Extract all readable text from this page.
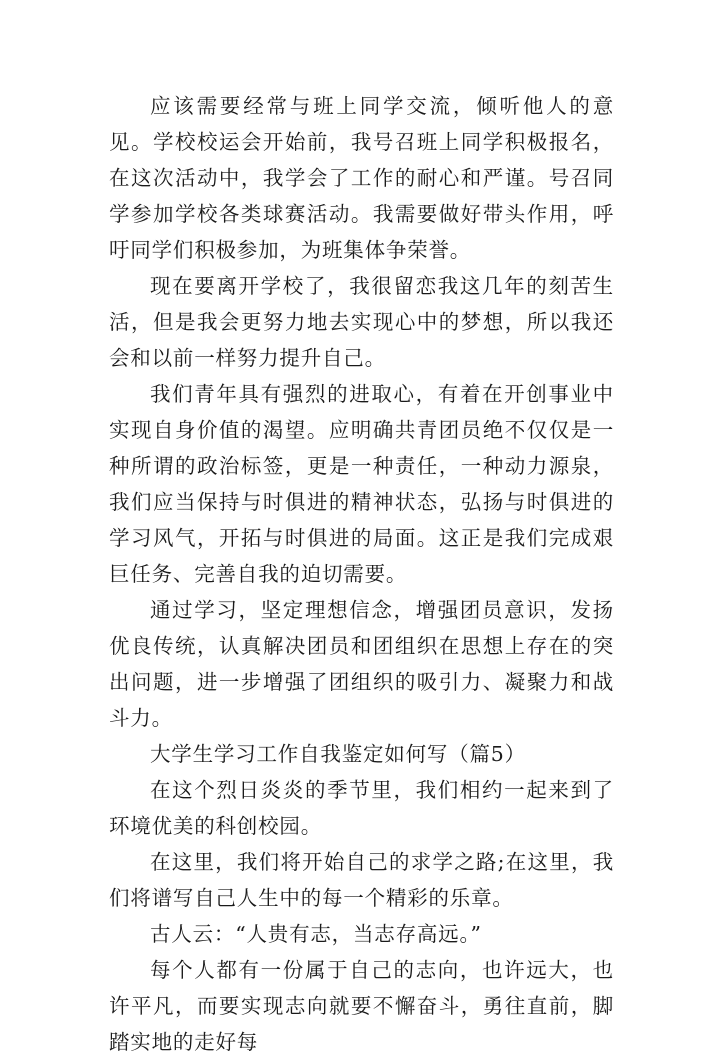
应该需要经常与班上同学交流，倾听他人的意见。学校校运会开始前，我号召班上同学积极报名，在这次活动中，我学会了工作的耐心和严谨。号召同学参加学校各类球赛活动。我需要做好带头作用，呼吁同学们积极参加，为班集体争荣誉。

现在要离开学校了，我很留恋我这几年的刻苦生活，但是我会更努力地去实现心中的梦想，所以我还会和以前一样努力提升自己。

我们青年具有强烈的进取心，有着在开创事业中实现自身价值的渴望。应明确共青团员绝不仅仅是一种所谓的政治标签，更是一种责任，一种动力源泉，我们应当保持与时俱进的精神状态，弘扬与时俱进的学习风气，开拓与时俱进的局面。这正是我们完成艰巨任务、完善自我的迫切需要。

通过学习，坚定理想信念，增强团员意识，发扬优良传统，认真解决团员和团组织在思想上存在的突出问题，进一步增强了团组织的吸引力、凝聚力和战斗力。

大学生学习工作自我鉴定如何写（篇5）

在这个烈日炎炎的季节里，我们相约一起来到了环境优美的科创校园。

在这里，我们将开始自己的求学之路;在这里，我们将谱写自己人生中的每一个精彩的乐章。

古人云：“人贵有志，当志存高远。”

每个人都有一份属于自己的志向，也许远大，也许平凡，而要实现志向就要不懈奋斗，勇往直前，脚踏实地的走好每
